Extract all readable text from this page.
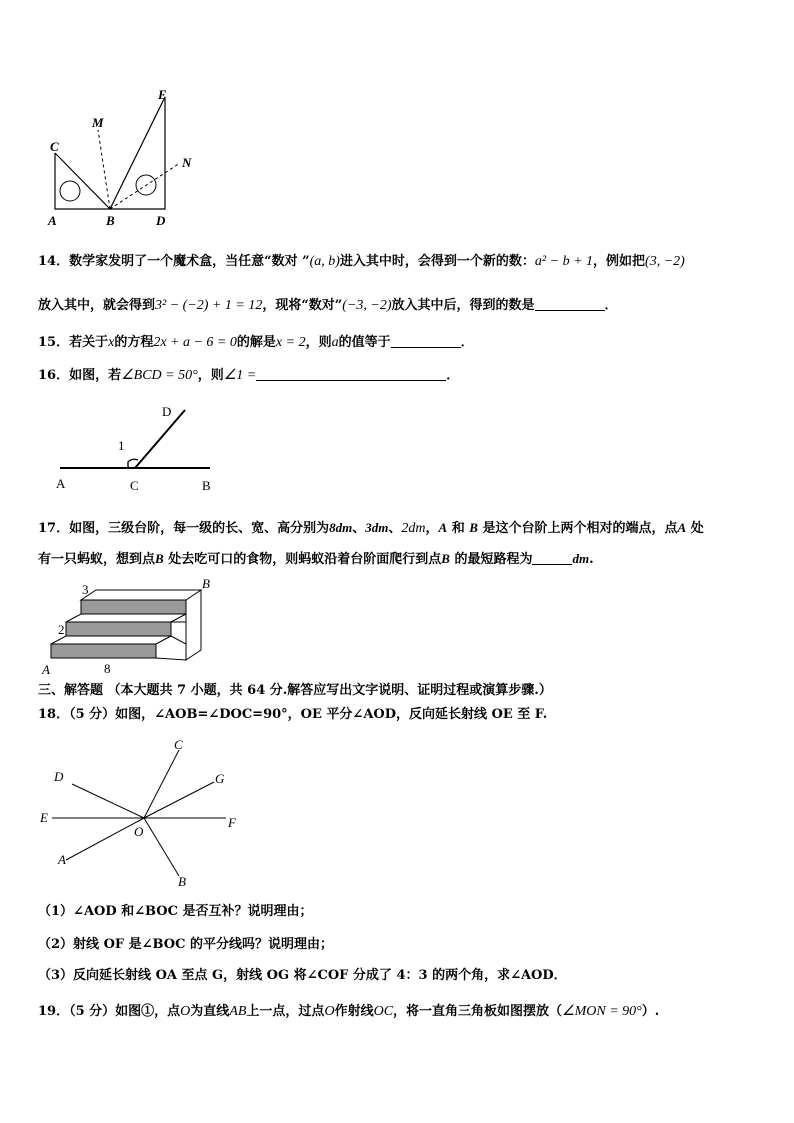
C
M
E
N
A	B	D
14．数学家发明了一个魔术盒，当任意“数对 ”(a, b)进入其中时，会得到一个新的数：a² − b + 1，例如把(3, −2)
放入其中，就会得到3² − (−2) + 1 = 12，现将“数对”(−3, −2)放入其中后，得到的数是	．
15．若关于x的方程2x + a − 6 = 0的解是x = 2，则a的值等于	．
16．如图，若∠BCD = 50°，则∠1 =	．
D
1
A	C	B
17．如图，三级台阶，每一级的长、宽、高分别为8dm、3dm、2dm，A 和 B 是这个台阶上两个相对的端点，点A 处
有一只蚂蚁，想到点B 处去吃可口的食物，则蚂蚁沿着台阶面爬行到点B 的最短路程为	dm.
3
2
8
A
B
三、解答题 （本大题共 7 小题，共 64 分.解答应写出文字说明、证明过程或演算步骤.）
18．（5 分）如图，∠AOB=∠DOC=90°，OE 平分∠AOD，反向延长射线 OE 至 F.
C
D	G
E	F
O
A
B
（1）∠AOD 和∠BOC 是否互补？说明理由；
（2）射线 OF 是∠BOC 的平分线吗？说明理由；
（3）反向延长射线 OA 至点 G，射线 OG 将∠COF 分成了 4：3 的两个角，求∠AOD．
19．（5 分）如图①，点O为直线AB上一点，过点O作射线OC，将一直角三角板如图摆放（∠MON = 90°）.
